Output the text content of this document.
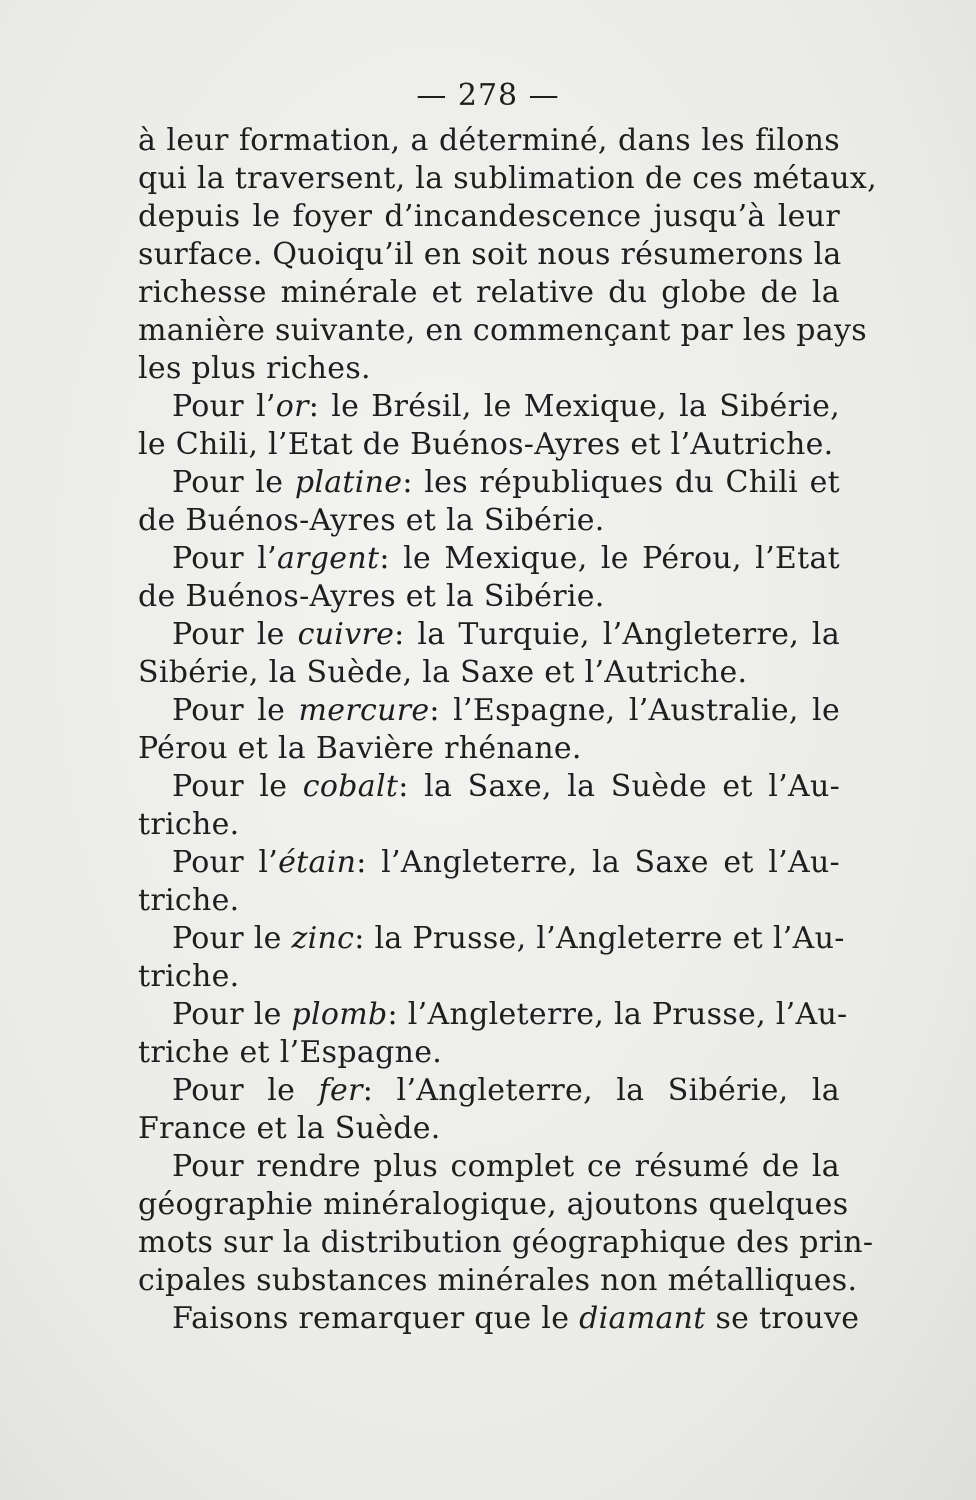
— 278 —
à leur formation, a déterminé, dans les filons
qui la traversent, la sublimation de ces métaux,
depuis le foyer d’incandescence jusqu’à leur
surface. Quoiqu’il en soit nous résumerons la
richesse minérale et relative du globe de la
manière suivante, en commençant par les pays
les plus riches.
Pour l’or: le Brésil, le Mexique, la Sibérie,
le Chili, l’Etat de Buénos-Ayres et l’Autriche.
Pour le platine: les républiques du Chili et
de Buénos-Ayres et la Sibérie.
Pour l’argent: le Mexique, le Pérou, l’Etat
de Buénos-Ayres et la Sibérie.
Pour le cuivre: la Turquie, l’Angleterre, la
Sibérie, la Suède, la Saxe et l’Autriche.
Pour le mercure: l’Espagne, l’Australie, le
Pérou et la Bavière rhénane.
Pour le cobalt: la Saxe, la Suède et l’Au-
triche.
Pour l’étain: l’Angleterre, la Saxe et l’Au-
triche.
Pour le zinc: la Prusse, l’Angleterre et l’Au-
triche.
Pour le plomb: l’Angleterre, la Prusse, l’Au-
triche et l’Espagne.
Pour le fer: l’Angleterre, la Sibérie, la
France et la Suède.
Pour rendre plus complet ce résumé de la
géographie minéralogique, ajoutons quelques
mots sur la distribution géographique des prin-
cipales substances minérales non métalliques.
Faisons remarquer que le diamant se trouve
